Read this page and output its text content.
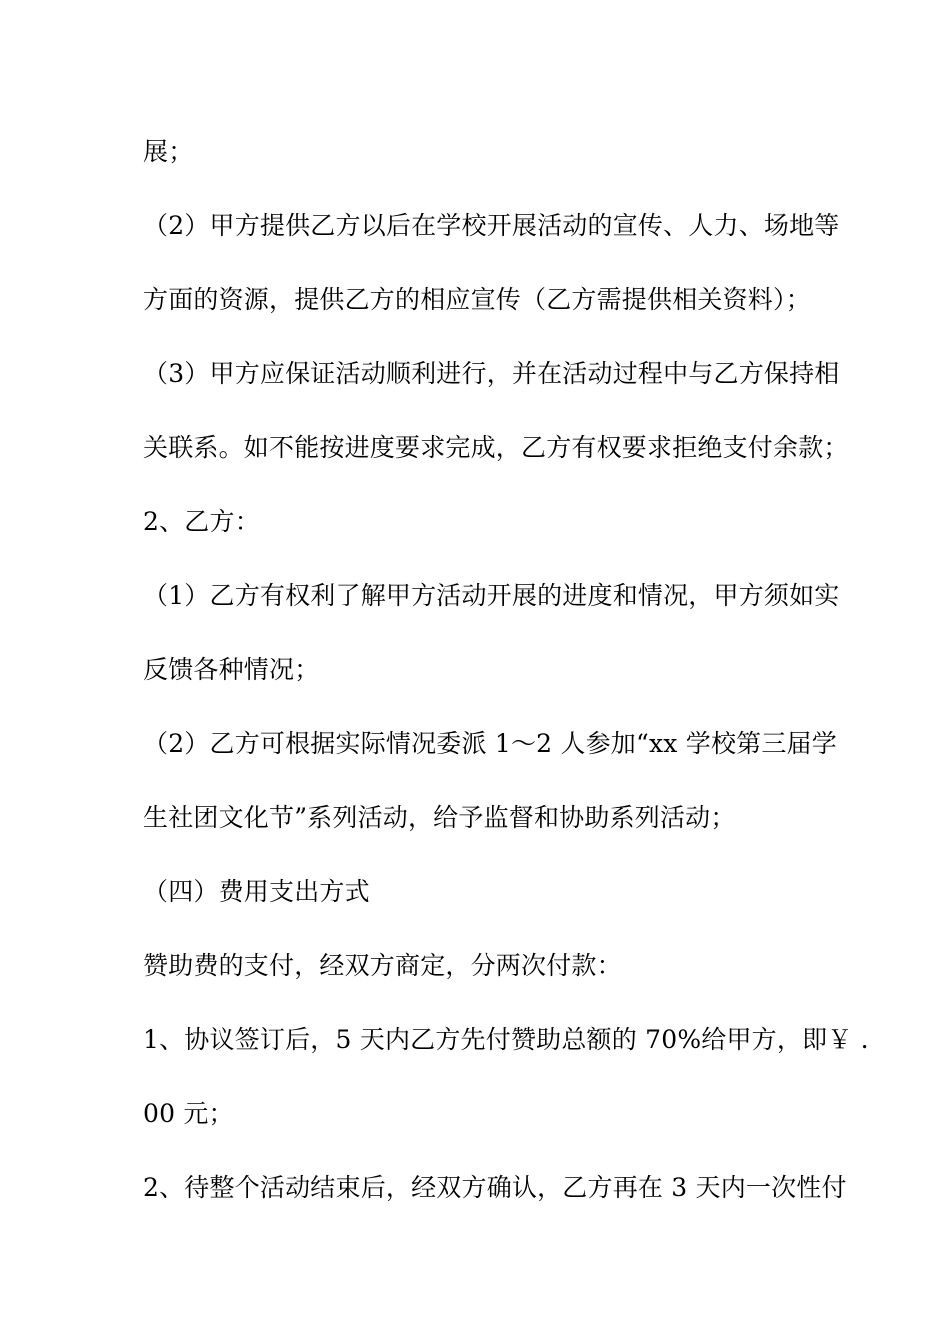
展；
（2）甲方提供乙方以后在学校开展活动的宣传、人力、场地等
方面的资源，提供乙方的相应宣传（乙方需提供相关资料）；
（3）甲方应保证活动顺利进行，并在活动过程中与乙方保持相
关联系。如不能按进度要求完成，乙方有权要求拒绝支付余款；
2、乙方：
（1）乙方有权利了解甲方活动开展的进度和情况，甲方须如实
反馈各种情况；
（2）乙方可根据实际情况委派 1～2 人参加“xx 学校第三届学
生社团文化节”系列活动，给予监督和协助系列活动；
（四）费用支出方式
赞助费的支付，经双方商定，分两次付款：
1、协议签订后，5 天内乙方先付赞助总额的 70%给甲方，即￥ .
00 元；
2、待整个活动结束后，经双方确认，乙方再在 3 天内一次性付
